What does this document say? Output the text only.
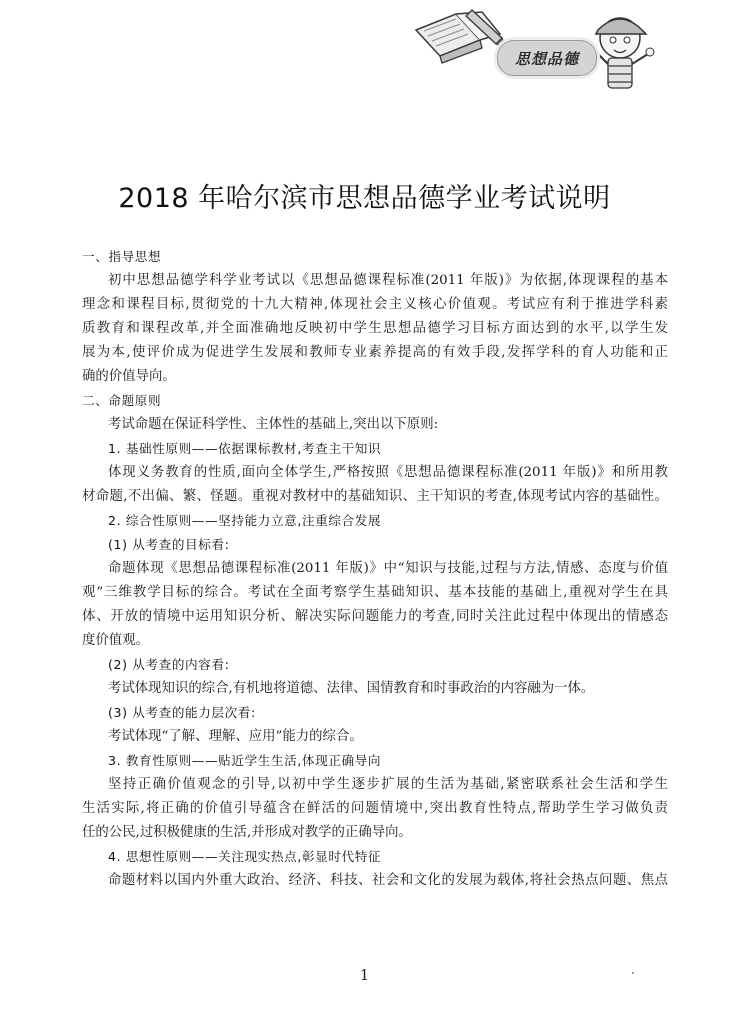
思想品德
2018 年哈尔滨市思想品德学业考试说明
一、指导思想
初中思想品德学科学业考试以《思想品德课程标准(2011 年版)》为依据,体现课程的基本
理念和课程目标,贯彻党的十九大精神,体现社会主义核心价值观。考试应有利于推进学科素
质教育和课程改革,并全面准确地反映初中学生思想品德学习目标方面达到的水平,以学生发
展为本,使评价成为促进学生发展和教师专业素养提高的有效手段,发挥学科的育人功能和正
确的价值导向。
二、命题原则
考试命题在保证科学性、主体性的基础上,突出以下原则:
1. 基础性原则——依据课标教材,考查主干知识
体现义务教育的性质,面向全体学生,严格按照《思想品德课程标准(2011 年版)》和所用教
材命题,不出偏、繁、怪题。重视对教材中的基础知识、主干知识的考查,体现考试内容的基础性。
2. 综合性原则——坚持能力立意,注重综合发展
(1) 从考查的目标看:
命题体现《思想品德课程标准(2011 年版)》中“知识与技能,过程与方法,情感、态度与价值
观”三维教学目标的综合。考试在全面考察学生基础知识、基本技能的基础上,重视对学生在具
体、开放的情境中运用知识分析、解决实际问题能力的考查,同时关注此过程中体现出的情感态
度价值观。
(2) 从考查的内容看:
考试体现知识的综合,有机地将道德、法律、国情教育和时事政治的内容融为一体。
(3) 从考查的能力层次看:
考试体现“了解、理解、应用”能力的综合。
3. 教育性原则——贴近学生生活,体现正确导向
坚持正确价值观念的引导,以初中学生逐步扩展的生活为基础,紧密联系社会生活和学生
生活实际,将正确的价值引导蕴含在鲜活的问题情境中,突出教育性特点,帮助学生学习做负责
任的公民,过积极健康的生活,并形成对教学的正确导向。
4. 思想性原则——关注现实热点,彰显时代特征
命题材料以国内外重大政治、经济、科技、社会和文化的发展为载体,将社会热点问题、焦点
1
